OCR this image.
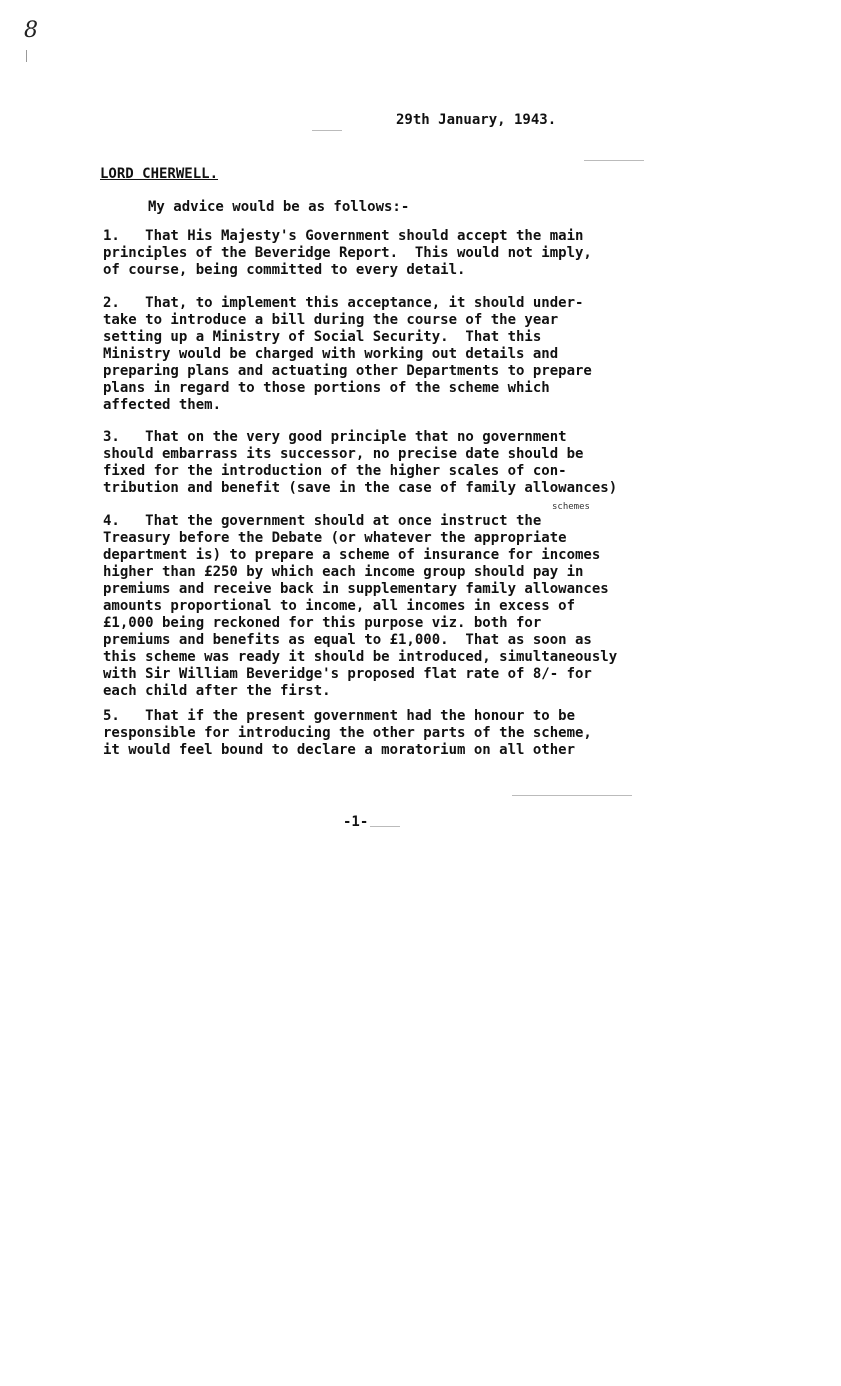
8
29th January, 1943.
LORD CHERWELL.
My advice would be as follows:-
1.   That His Majesty's Government should accept the main
principles of the Beveridge Report.  This would not imply,
of course, being committed to every detail.
2.   That, to implement this acceptance, it should under-
take to introduce a bill during the course of the year
setting up a Ministry of Social Security.  That this
Ministry would be charged with working out details and
preparing plans and actuating other Departments to prepare
plans in regard to those portions of the scheme which
affected them.
3.   That on the very good principle that no government
should embarrass its successor, no precise date should be
fixed for the introduction of the higher scales of con-
tribution and benefit (save in the case of family allowances)
schemes
4.   That the government should at once instruct the
Treasury before the Debate (or whatever the appropriate
department is) to prepare a scheme of insurance for incomes
higher than £250 by which each income group should pay in
premiums and receive back in supplementary family allowances
amounts proportional to income, all incomes in excess of
£1,000 being reckoned for this purpose viz. both for
premiums and benefits as equal to £1,000.  That as soon as
this scheme was ready it should be introduced, simultaneously
with Sir William Beveridge's proposed flat rate of 8/- for
each child after the first.
5.   That if the present government had the honour to be
responsible for introducing the other parts of the scheme,
it would feel bound to declare a moratorium on all other
-1-
